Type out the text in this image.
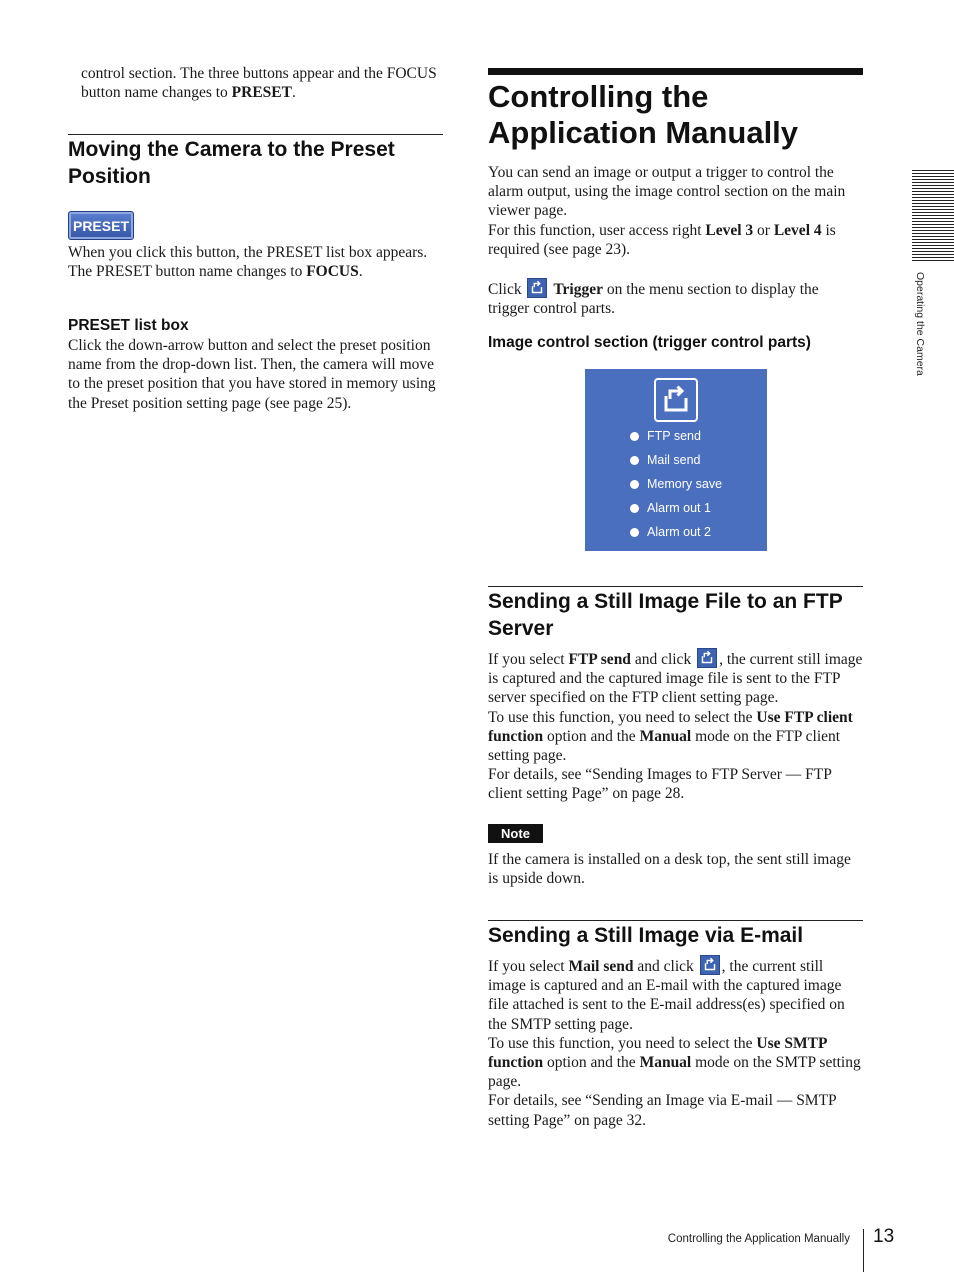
control section. The three buttons appear and the FOCUS button name changes to PRESET.
Moving the Camera to the Preset Position
PRESET

When you click this button, the PRESET list box appears.

The PRESET button name changes to FOCUS.

PRESET list box
Click the down-arrow button and select the preset position name from the drop-down list. Then, the camera will move to the preset position that you have stored in memory using the Preset position setting page (see page 25).
Controlling the Application Manually

You can send an image or output a trigger to control the alarm output, using the image control section on the main viewer page.

For this function, user access right Level 3 or Level 4 is required (see page 23).

Click
Trigger on the menu section to display the trigger control parts.

Image control section (trigger control parts)
FTP send
Mail send
Memory save
Alarm out 1
Alarm out 2
Sending a Still Image File to an FTP Server

If you select FTP send and click
, the current still image is captured and the captured image file is sent to the FTP server specified on the FTP client setting page.

To use this function, you need to select the Use FTP client function option and the Manual mode on the FTP client setting page.

For details, see “Sending Images to FTP Server — FTP client setting Page” on page 28.

Note
If the camera is installed on a desk top, the sent still image is upside down.
Sending a Still Image via E-mail

If you select Mail send and click
, the current still image is captured and an E-mail with the captured image file attached is sent to the E-mail address(es) specified on the SMTP setting page.

To use this function, you need to select the Use SMTP function option and the Manual mode on the SMTP setting page.

For details, see “Sending an Image via E-mail — SMTP setting Page” on page 32.

Operating the Camera
Controlling the Application Manually 13
